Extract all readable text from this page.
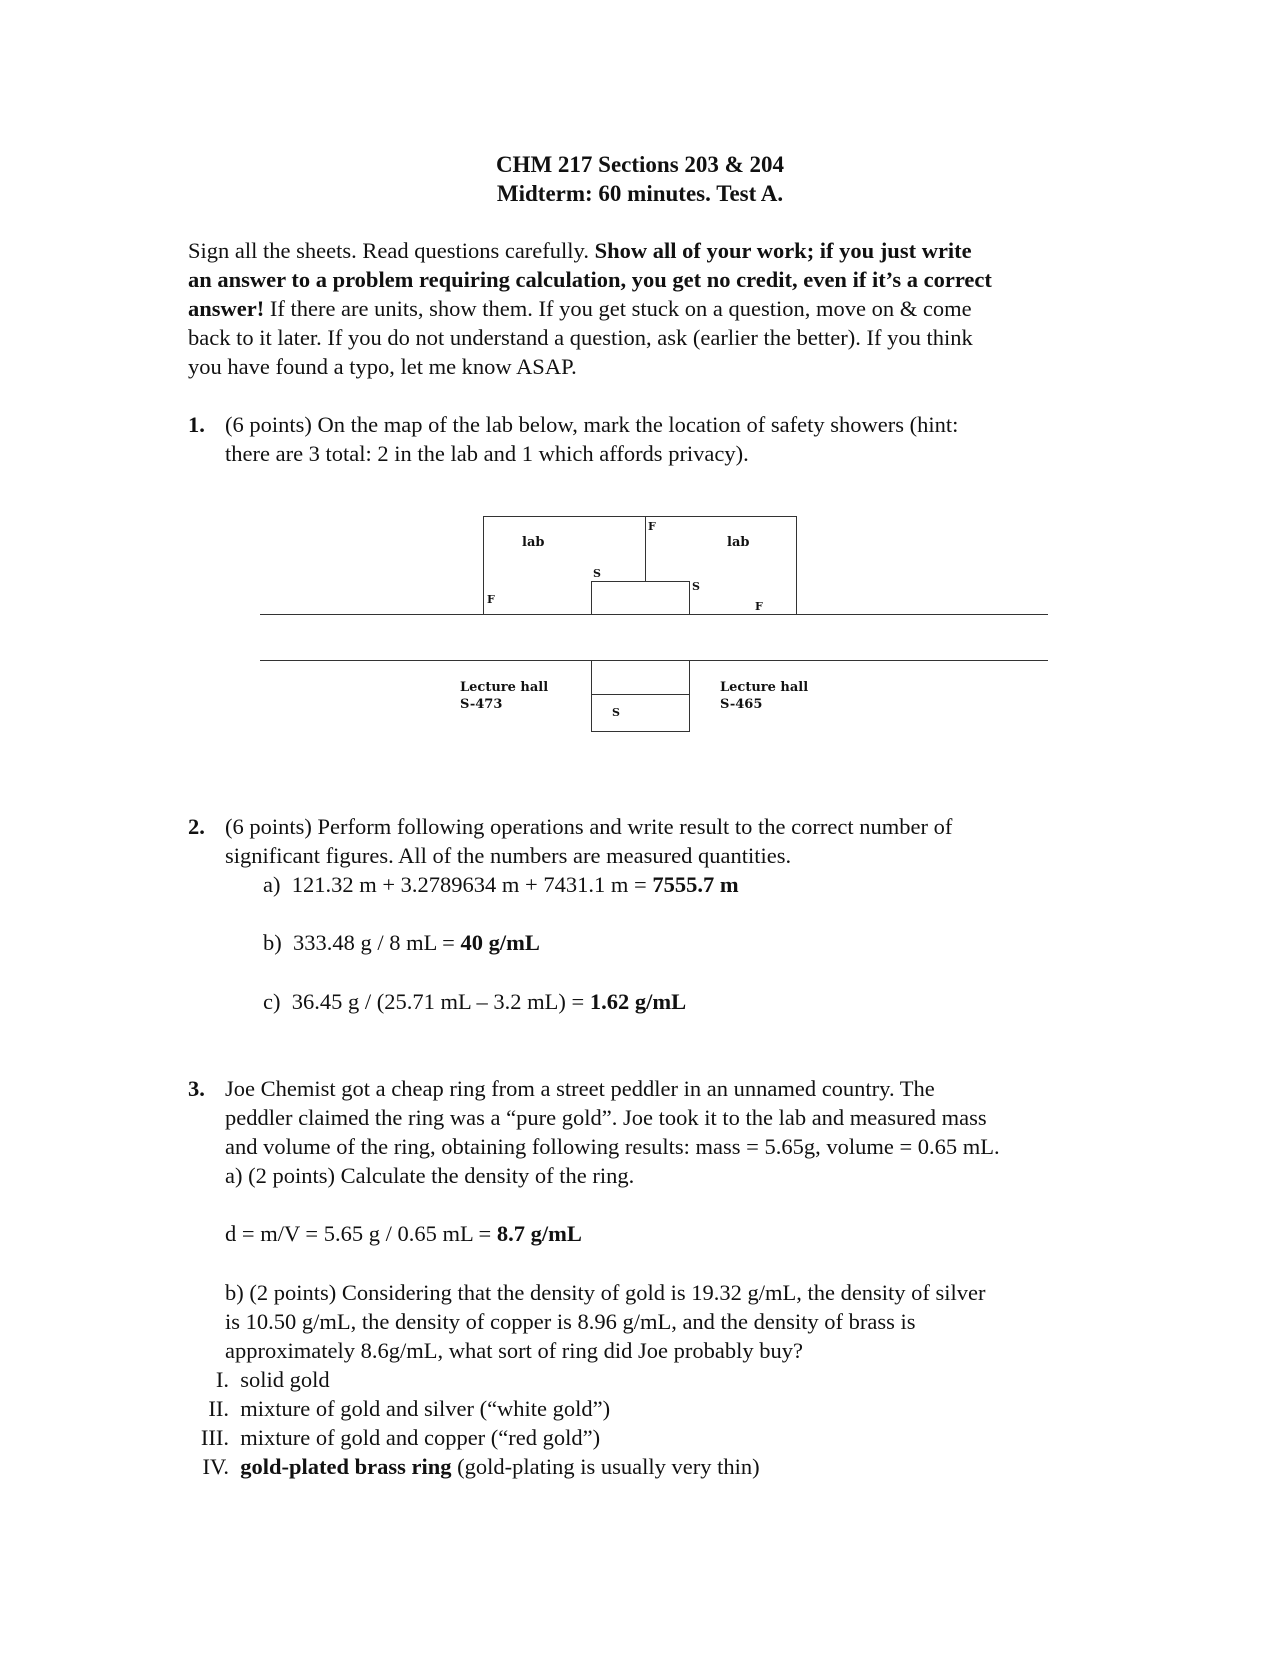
CHM 217 Sections 203 & 204
Midterm: 60 minutes. Test A.
Sign all the sheets. Read questions carefully. Show all of your work; if you just write
an answer to a problem requiring calculation, you get no credit, even if it’s a correct
answer! If there are units, show them. If you get stuck on a question, move on & come
back to it later. If you do not understand a question, ask (earlier the better). If you think
you have found a typo, let me know ASAP.
1. (6 points) On the map of the lab below, mark the location of safety showers (hint:
there are 3 total: 2 in the lab and 1 which affords privacy).
lab	lab
F
F
F
S
S
S
Lecture hall
S-473
Lecture hall
S-465
2. (6 points) Perform following operations and write result to the correct number of
significant figures. All of the numbers are measured quantities.
a) 121.32 m + 3.2789634 m + 7431.1 m = 7555.7 m
b) 333.48 g / 8 mL = 40 g/mL
c) 36.45 g / (25.71 mL – 3.2 mL) = 1.62 g/mL
3. Joe Chemist got a cheap ring from a street peddler in an unnamed country. The
peddler claimed the ring was a “pure gold”. Joe took it to the lab and measured mass
and volume of the ring, obtaining following results: mass = 5.65g, volume = 0.65 mL.
a) (2 points) Calculate the density of the ring.
d = m/V = 5.65 g / 0.65 mL = 8.7 g/mL
b) (2 points) Considering that the density of gold is 19.32 g/mL, the density of silver
is 10.50 g/mL, the density of copper is 8.96 g/mL, and the density of brass is
approximately 8.6g/mL, what sort of ring did Joe probably buy?
I. solid gold
II. mixture of gold and silver (“white gold”)
III. mixture of gold and copper (“red gold”)
IV. gold-plated brass ring (gold-plating is usually very thin)
